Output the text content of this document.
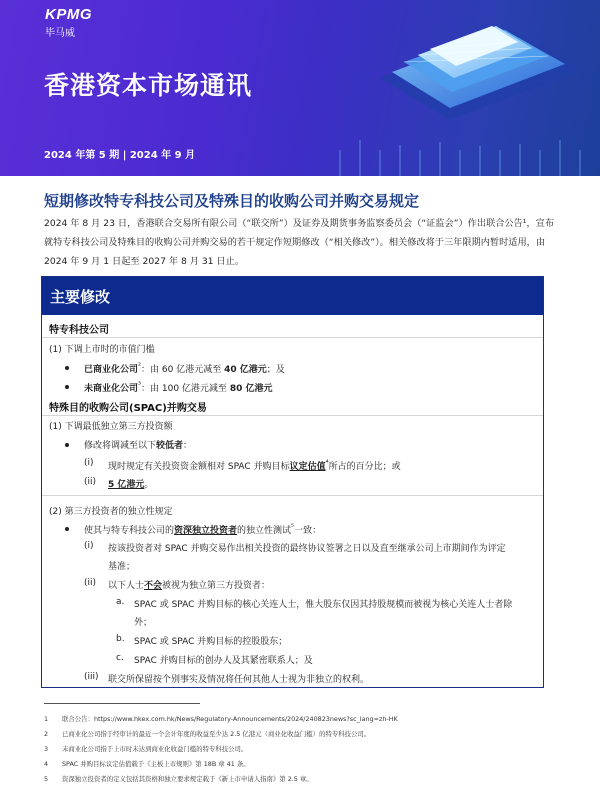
KPMG
毕马威
香港资本市场通讯
2024 年第 5 期 | 2024 年 9 月
短期修改特专科技公司及特殊目的收购公司并购交易规定
2024 年 8 月 23 日，香港联合交易所有限公司（“联交所”）及证券及期货事务监察委员会（“证监会”）作出联合公告¹，宣布就特专科技公司及特殊目的收购公司并购交易的若干规定作短期修改（“相关修改”）。相关修改将于三年限期内暂时适用，由 2024 年 9 月 1 日起至 2027 年 8 月 31 日止。
主要修改
特专科技公司
(1) 下调上市时的市值门槛
已商业化公司$^{^2}$：由 60 亿港元减至 40 亿港元；及
未商业化公司$^{^3}$：由 100 亿港元减至 80 亿港元
特殊目的收购公司(SPAC)并购交易
(1) 下调最低独立第三方投资额
修改将调减至以下较低者：
(i) 现时规定有关投资资金额相对 SPAC 并购目标议定估值$^{^4}$所占的百分比；或
(ii) 5 亿港元。
(2) 第三方投资者的独立性规定
使其与特专科技公司的资深独立投资者的独立性测试$^{^5}$一致：
(i) 按该投资者对 SPAC 并购交易作出相关投资的最终协议签署之日以及直至继承公司上市期间作为评定
基准；
(ii) 以下人士不会被视为独立第三方投资者：
a. SPAC 或 SPAC 并购目标的核心关连人士，惟大股东仅因其持股规模而被视为核心关连人士者除
外；
b. SPAC 或 SPAC 并购目标的控股股东；
c. SPAC 并购目标的创办人及其紧密联系人；及
(iii) 联交所保留按个别事实及情况将任何其他人士视为非独立的权利。
1 联合公告：https://www.hkex.com.hk/News/Regulatory-Announcements/2024/240823news?sc_lang=zh-HK
2 已商业化公司指于经审计的最近一个会计年度的收益至少达 2.5 亿港元（商业化收益门槛）的特专科技公司。
3 未商业化公司指于上市时未达到商业化收益门槛的特专科技公司。
4 SPAC 并购目标议定估值载于《主板上市规则》第 18B 章 41 条。
5 资深独立投资者的定义包括其资格和独立要求规定载于《新上市申请人指南》第 2.5 章。
